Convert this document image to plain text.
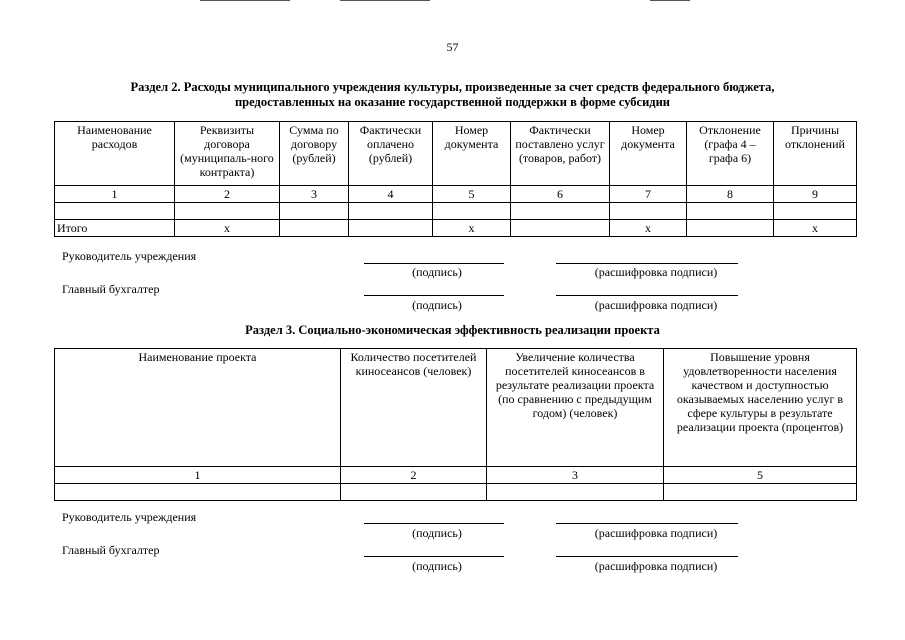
57
Раздел 2. Расходы муниципального учреждения культуры, произведенные за счет средств федерального бюджета,
предоставленных на оказание государственной поддержки в форме субсидии
Наименование расходов	Реквизиты договора (муниципаль-ного контракта)	Сумма по договору (рублей)	Фактически оплачено (рублей)	Номер документа	Фактически поставлено услуг (товаров, работ)	Номер документа	Отклонение (графа 4 – графа 6)	Причины отклонений
1	2	3	4	5	6	7	8	9

Итого	х			х		х		х
Руководитель учреждения
(подпись)	(расшифровка подписи)
Главный бухгалтер
(подпись)	(расшифровка подписи)
Раздел 3. Социально-экономическая эффективность реализации проекта
Наименование проекта	Количество посетителей киносеансов (человек)	Увеличение количества посетителей киносеансов в результате реализации проекта (по сравнению с предыдущим годом) (человек)	Повышение уровня удовлетворенности населения качеством и доступностью оказываемых населению услуг в сфере культуры в результате реализации проекта (процентов)
1	2	3	5

Руководитель учреждения
(подпись)	(расшифровка подписи)
Главный бухгалтер
(подпись)	(расшифровка подписи)
